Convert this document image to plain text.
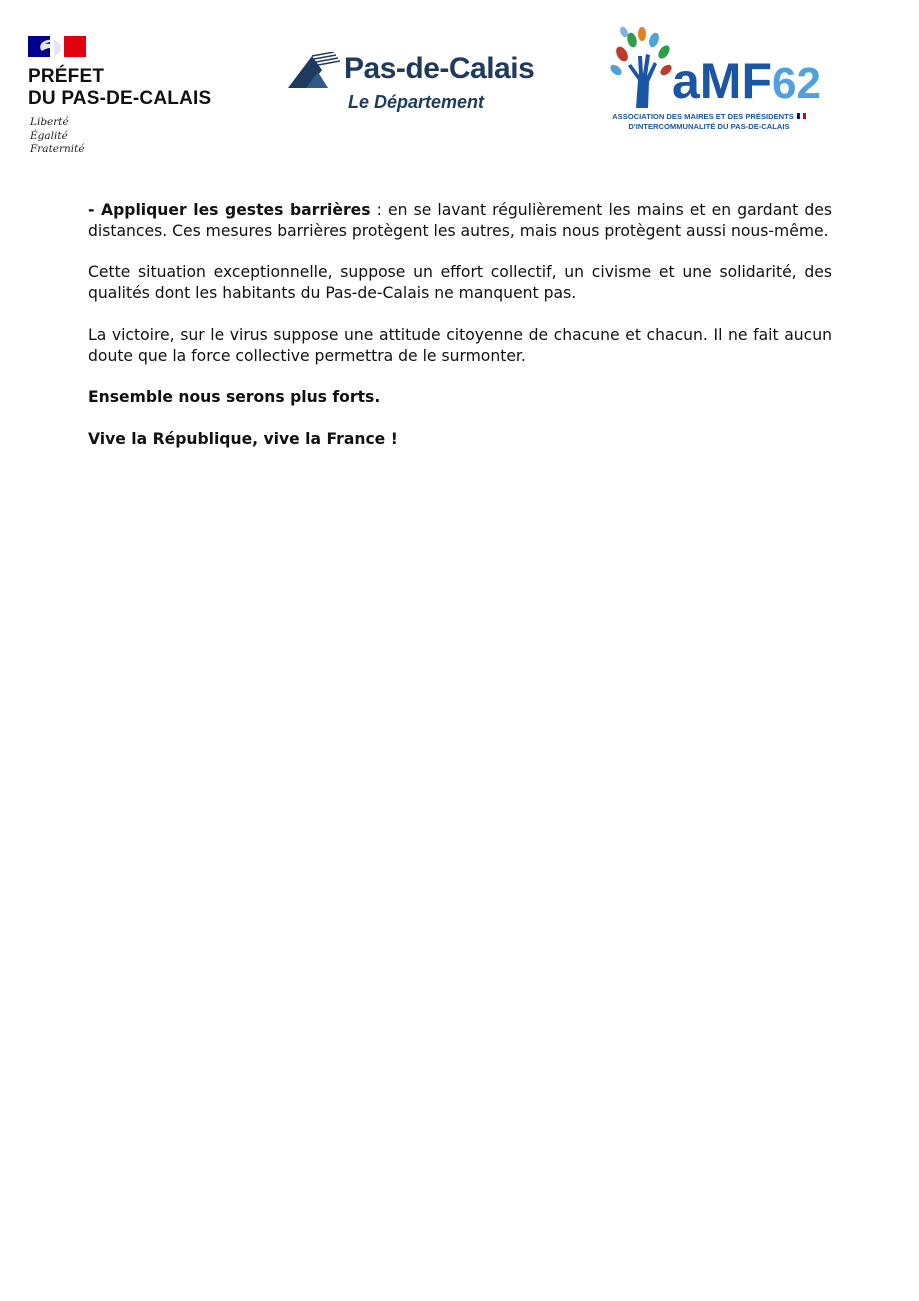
PRÉFET
DU PAS-DE-CALAIS
Liberté
Égalité
Fraternité
Pas-de-Calais
Le Département	aMF62
ASSOCIATION DES MAIRES ET DES PRÉSIDENTS
D'INTERCOMMUNALITÉ DU PAS-DE-CALAIS

- Appliquer les gestes barrières : en se lavant régulièrement les mains et en gardant des distances. Ces mesures barrières protègent les autres, mais nous protègent aussi nous-même.

Cette situation exceptionnelle, suppose un effort collectif, un civisme et une solidarité, des qualités dont les habitants du Pas-de-Calais ne manquent pas.

La victoire, sur le virus suppose une attitude citoyenne de chacune et chacun. Il ne fait aucun doute que la force collective permettra de le surmonter.

Ensemble nous serons plus forts.

Vive la République, vive la France !
